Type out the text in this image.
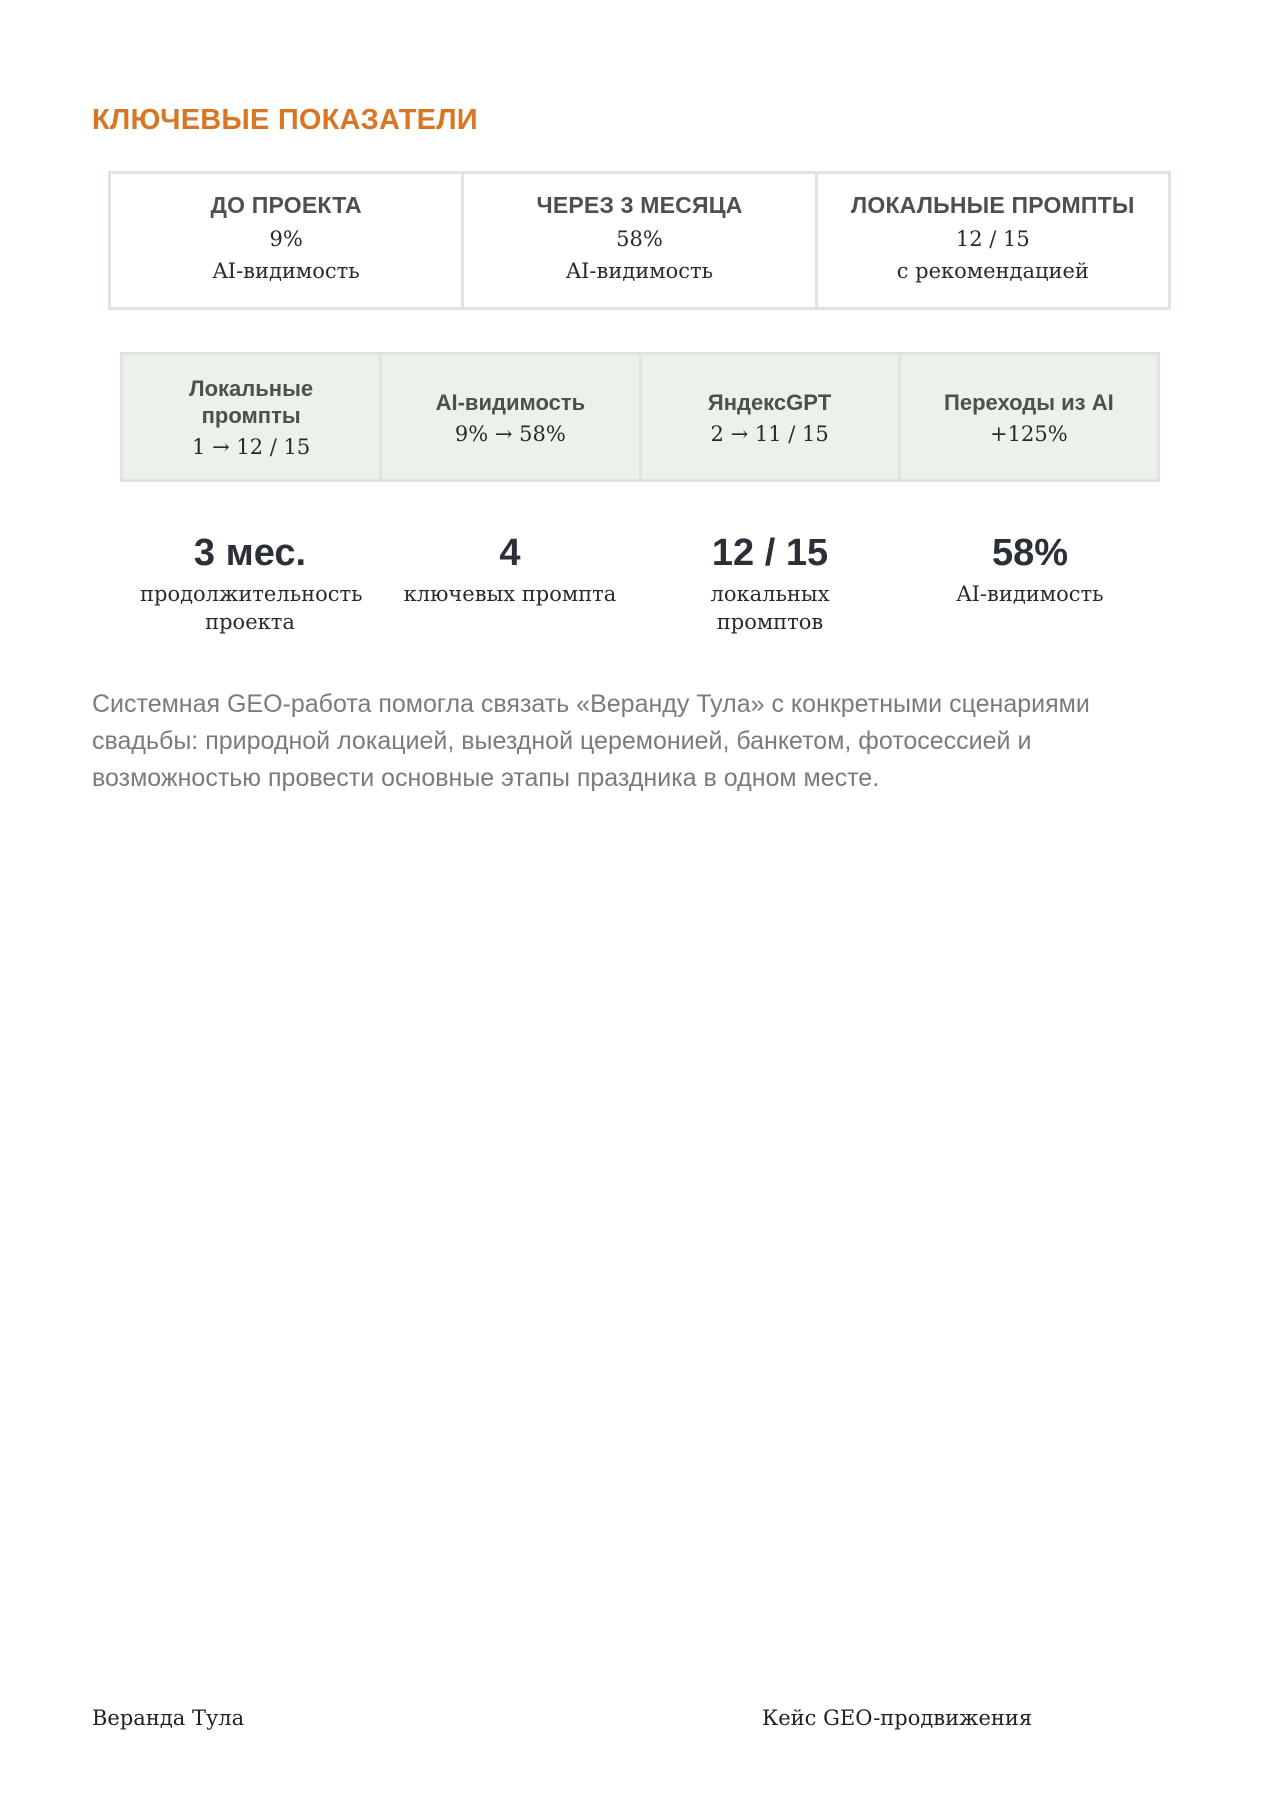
КЛЮЧЕВЫЕ ПОКАЗАТЕЛИ
ДО ПРОЕКТА
9%
AI-видимость
ЧЕРЕЗ 3 МЕСЯЦА
58%
AI-видимость
ЛОКАЛЬНЫЕ ПРОМПТЫ
12 / 15
с рекомендацией
Локальные промпты
1 → 12 / 15
AI-видимость
9% → 58%
ЯндексGPT
2 → 11 / 15
Переходы из AI
+125%
3 мес.
продолжительность проекта
4
ключевых промпта
12 / 15
локальных промптов
58%
AI-видимость

Системная GEO-работа помогла связать «Веранду Тула» с конкретными сценариями свадьбы: природной локацией, выездной церемонией, банкетом, фотосессией и возможностью провести основные этапы праздника в одном месте.

Веранда Тула	Кейс GEO-продвижения
